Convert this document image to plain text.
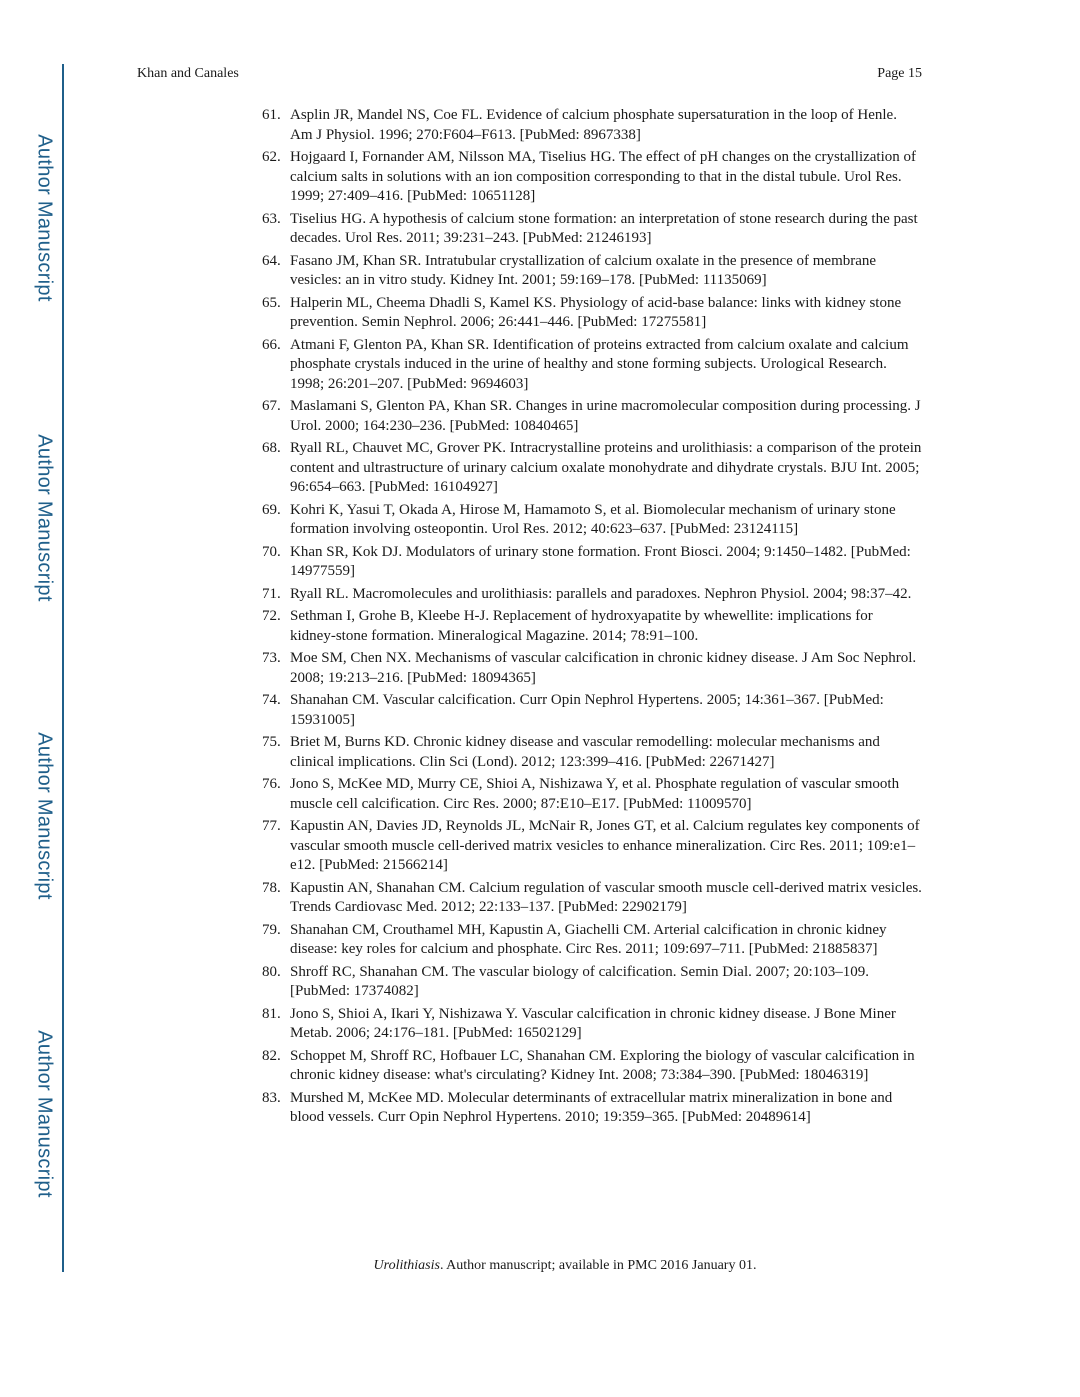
Khan and Canales	Page 15
Author Manuscript
Author Manuscript
Author Manuscript
Author Manuscript
61. Asplin JR, Mandel NS, Coe FL. Evidence of calcium phosphate supersaturation in the loop of Henle. Am J Physiol. 1996; 270:F604–F613. [PubMed: 8967338]
62. Hojgaard I, Fornander AM, Nilsson MA, Tiselius HG. The effect of pH changes on the crystallization of calcium salts in solutions with an ion composition corresponding to that in the distal tubule. Urol Res. 1999; 27:409–416. [PubMed: 10651128]
63. Tiselius HG. A hypothesis of calcium stone formation: an interpretation of stone research during the past decades. Urol Res. 2011; 39:231–243. [PubMed: 21246193]
64. Fasano JM, Khan SR. Intratubular crystallization of calcium oxalate in the presence of membrane vesicles: an in vitro study. Kidney Int. 2001; 59:169–178. [PubMed: 11135069]
65. Halperin ML, Cheema Dhadli S, Kamel KS. Physiology of acid-base balance: links with kidney stone prevention. Semin Nephrol. 2006; 26:441–446. [PubMed: 17275581]
66. Atmani F, Glenton PA, Khan SR. Identification of proteins extracted from calcium oxalate and calcium phosphate crystals induced in the urine of healthy and stone forming subjects. Urological Research. 1998; 26:201–207. [PubMed: 9694603]
67. Maslamani S, Glenton PA, Khan SR. Changes in urine macromolecular composition during processing. J Urol. 2000; 164:230–236. [PubMed: 10840465]
68. Ryall RL, Chauvet MC, Grover PK. Intracrystalline proteins and urolithiasis: a comparison of the protein content and ultrastructure of urinary calcium oxalate monohydrate and dihydrate crystals. BJU Int. 2005; 96:654–663. [PubMed: 16104927]
69. Kohri K, Yasui T, Okada A, Hirose M, Hamamoto S, et al. Biomolecular mechanism of urinary stone formation involving osteopontin. Urol Res. 2012; 40:623–637. [PubMed: 23124115]
70. Khan SR, Kok DJ. Modulators of urinary stone formation. Front Biosci. 2004; 9:1450–1482. [PubMed: 14977559]
71. Ryall RL. Macromolecules and urolithiasis: parallels and paradoxes. Nephron Physiol. 2004; 98:37–42.
72. Sethman I, Grohe B, Kleebe H-J. Replacement of hydroxyapatite by whewellite: implications for kidney-stone formation. Mineralogical Magazine. 2014; 78:91–100.
73. Moe SM, Chen NX. Mechanisms of vascular calcification in chronic kidney disease. J Am Soc Nephrol. 2008; 19:213–216. [PubMed: 18094365]
74. Shanahan CM. Vascular calcification. Curr Opin Nephrol Hypertens. 2005; 14:361–367. [PubMed: 15931005]
75. Briet M, Burns KD. Chronic kidney disease and vascular remodelling: molecular mechanisms and clinical implications. Clin Sci (Lond). 2012; 123:399–416. [PubMed: 22671427]
76. Jono S, McKee MD, Murry CE, Shioi A, Nishizawa Y, et al. Phosphate regulation of vascular smooth muscle cell calcification. Circ Res. 2000; 87:E10–E17. [PubMed: 11009570]
77. Kapustin AN, Davies JD, Reynolds JL, McNair R, Jones GT, et al. Calcium regulates key components of vascular smooth muscle cell-derived matrix vesicles to enhance mineralization. Circ Res. 2011; 109:e1–e12. [PubMed: 21566214]
78. Kapustin AN, Shanahan CM. Calcium regulation of vascular smooth muscle cell-derived matrix vesicles. Trends Cardiovasc Med. 2012; 22:133–137. [PubMed: 22902179]
79. Shanahan CM, Crouthamel MH, Kapustin A, Giachelli CM. Arterial calcification in chronic kidney disease: key roles for calcium and phosphate. Circ Res. 2011; 109:697–711. [PubMed: 21885837]
80. Shroff RC, Shanahan CM. The vascular biology of calcification. Semin Dial. 2007; 20:103–109. [PubMed: 17374082]
81. Jono S, Shioi A, Ikari Y, Nishizawa Y. Vascular calcification in chronic kidney disease. J Bone Miner Metab. 2006; 24:176–181. [PubMed: 16502129]
82. Schoppet M, Shroff RC, Hofbauer LC, Shanahan CM. Exploring the biology of vascular calcification in chronic kidney disease: what's circulating? Kidney Int. 2008; 73:384–390. [PubMed: 18046319]
83. Murshed M, McKee MD. Molecular determinants of extracellular matrix mineralization in bone and blood vessels. Curr Opin Nephrol Hypertens. 2010; 19:359–365. [PubMed: 20489614]
Urolithiasis. Author manuscript; available in PMC 2016 January 01.
